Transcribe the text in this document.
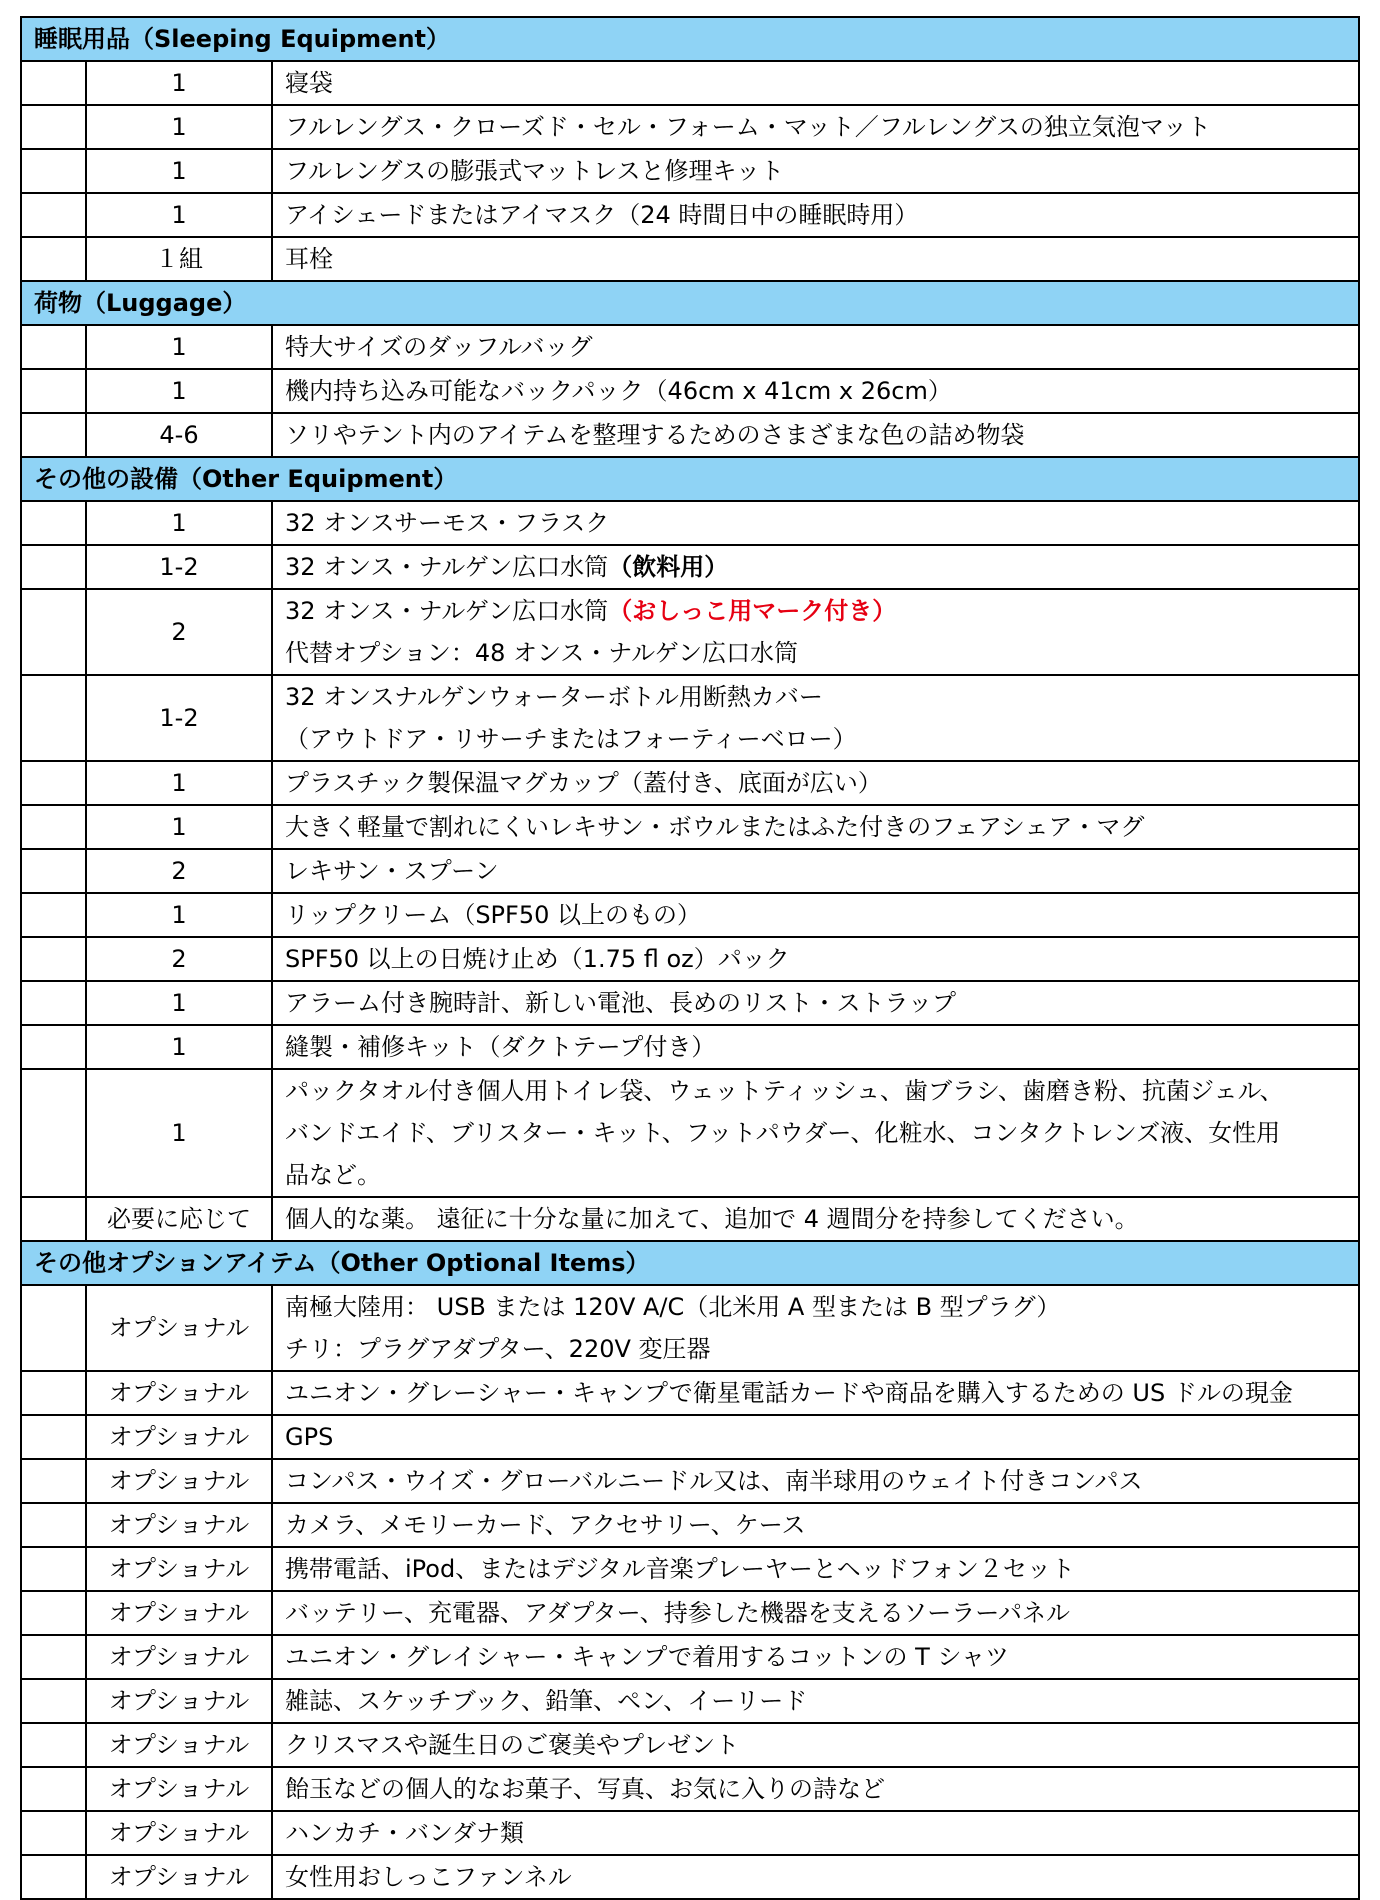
睡眠用品（Sleeping Equipment）		
	1	寝袋

	1	フルレングス・クローズド・セル・フォーム・マット／フルレングスの独立気泡マット

	1	フルレングスの膨張式マットレスと修理キット

	1	アイシェードまたはアイマスク（24 時間日中の睡眠時用）

	１組	耳栓

荷物（Luggage）		
	1	特大サイズのダッフルバッグ

	1	機内持ち込み可能なバックパック（46cm x 41cm x 26cm）

	4-6	ソリやテント内のアイテムを整理するためのさまざまな色の詰め物袋

その他の設備（Other Equipment）		
	1	32 オンスサーモス・フラスク

	1-2	32 オンス・ナルゲン広口水筒（飲料用）

	2	32 オンス・ナルゲン広口水筒（おしっこ用マーク付き）
代替オプション：48 オンス・ナルゲン広口水筒

	1-2	32 オンスナルゲンウォーターボトル用断熱カバー
（アウトドア・リサーチまたはフォーティーベロー）

	1	プラスチック製保温マグカップ（蓋付き、底面が広い）

	1	大きく軽量で割れにくいレキサン・ボウルまたはふた付きのフェアシェア・マグ

	2	レキサン・スプーン

	1	リップクリーム（SPF50 以上のもの）

	2	SPF50 以上の日焼け止め（1.75 fl oz）パック

	1	アラーム付き腕時計、新しい電池、長めのリスト・ストラップ

	1	縫製・補修キット（ダクトテープ付き）

	1	パックタオル付き個人用トイレ袋、ウェットティッシュ、歯ブラシ、歯磨き粉、抗菌ジェル、
バンドエイド、ブリスター・キット、フットパウダー、化粧水、コンタクトレンズ液、女性用
品など。

	必要に応じて	個人的な薬。 遠征に十分な量に加えて、追加で 4 週間分を持参してください。

その他オプションアイテム（Other Optional Items）		
	オプショナル	南極大陸用： USB または 120V A/C（北米用 A 型または B 型プラグ）
チリ：プラグアダプター、220V 変圧器

	オプショナル	ユニオン・グレーシャー・キャンプで衛星電話カードや商品を購入するための US ドルの現金

	オプショナル	GPS

	オプショナル	コンパス・ウイズ・グローバルニードル又は、南半球用のウェイト付きコンパス

	オプショナル	カメラ、メモリーカード、アクセサリー、ケース

	オプショナル	携帯電話、iPod、またはデジタル音楽プレーヤーとヘッドフォン２セット

	オプショナル	バッテリー、充電器、アダプター、持参した機器を支えるソーラーパネル

	オプショナル	ユニオン・グレイシャー・キャンプで着用するコットンの T シャツ

	オプショナル	雑誌、スケッチブック、鉛筆、ペン、イーリード

	オプショナル	クリスマスや誕生日のご褒美やプレゼント

	オプショナル	飴玉などの個人的なお菓子、写真、お気に入りの詩など

	オプショナル	ハンカチ・バンダナ類

	オプショナル	女性用おしっこファンネル
